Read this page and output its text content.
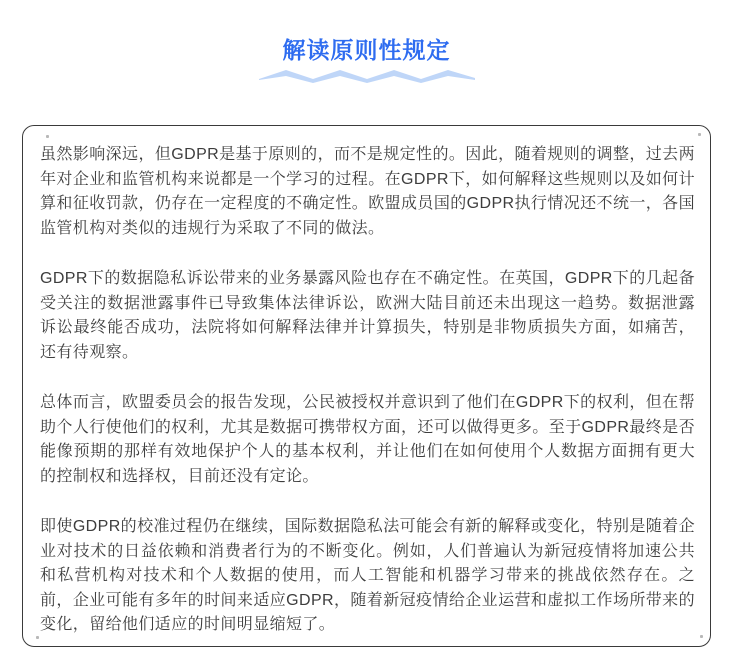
解读原则性规定

虽然影响深远，但GDPR是基于原则的，而不是规定性的。因此，随着规则的调整，过去两年对企业和监管机构来说都是一个学习的过程。在GDPR下，如何解释这些规则以及如何计算和征收罚款，仍存在一定程度的不确定性。欧盟成员国的GDPR执行情况还不统一，各国监管机构对类似的违规行为采取了不同的做法。

GDPR下的数据隐私诉讼带来的业务暴露风险也存在不确定性。在英国，GDPR下的几起备受关注的数据泄露事件已导致集体法律诉讼，欧洲大陆目前还未出现这一趋势。数据泄露诉讼最终能否成功，法院将如何解释法律并计算损失，特别是非物质损失方面，如痛苦，还有待观察。

总体而言，欧盟委员会的报告发现，公民被授权并意识到了他们在GDPR下的权利，但在帮助个人行使他们的权利，尤其是数据可携带权方面，还可以做得更多。至于GDPR最终是否能像预期的那样有效地保护个人的基本权利，并让他们在如何使用个人数据方面拥有更大的控制权和选择权，目前还没有定论。

即使GDPR的校准过程仍在继续，国际数据隐私法可能会有新的解释或变化，特别是随着企业对技术的日益依赖和消费者行为的不断变化。例如，人们普遍认为新冠疫情将加速公共和私营机构对技术和个人数据的使用，而人工智能和机器学习带来的挑战依然存在。之前，企业可能有多年的时间来适应GDPR，随着新冠疫情给企业运营和虚拟工作场所带来的变化，留给他们适应的时间明显缩短了。
